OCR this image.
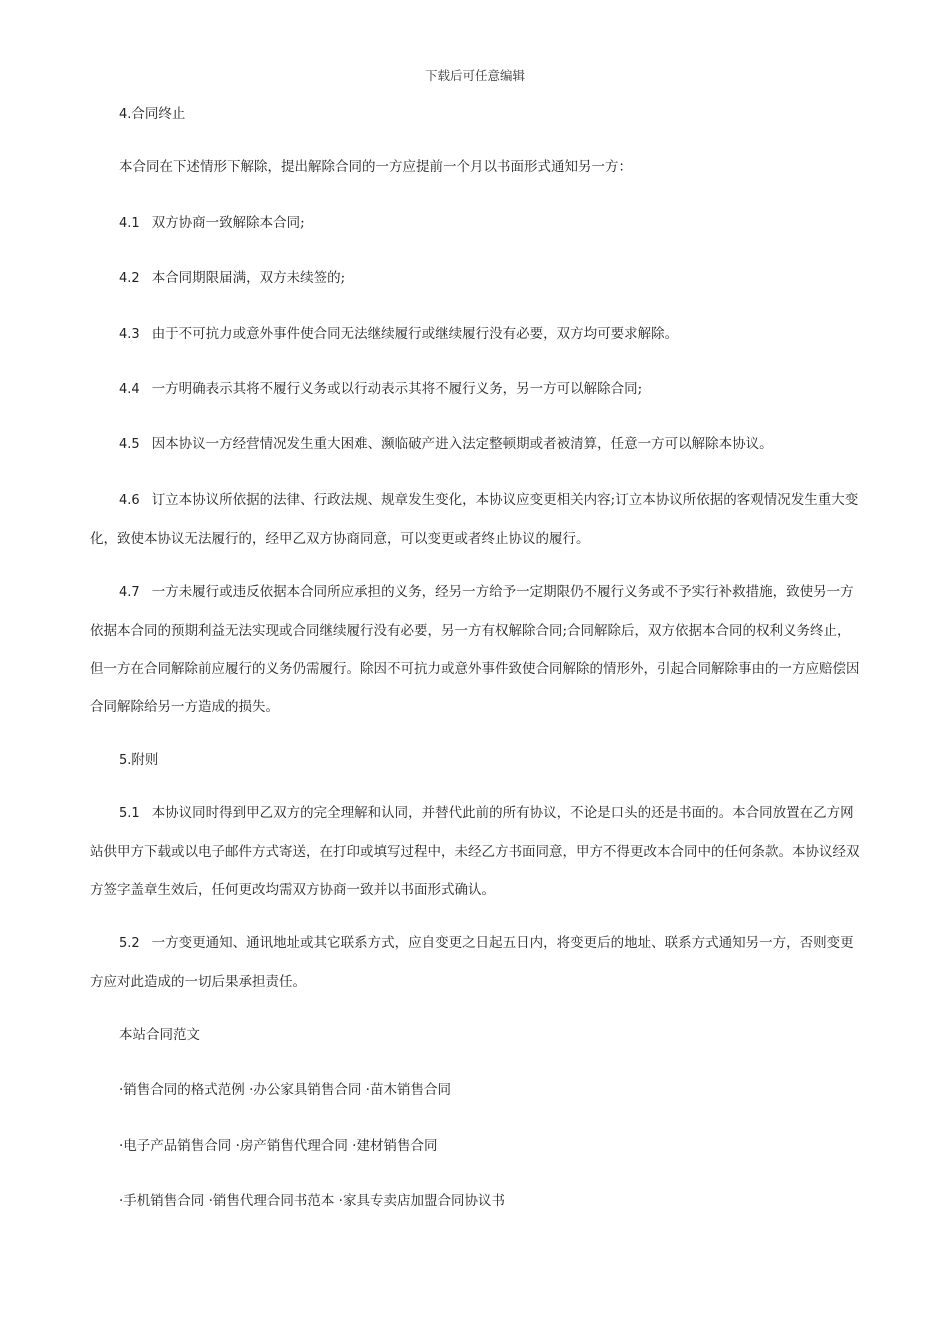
下载后可任意编辑
4.合同终止

本合同在下述情形下解除，提出解除合同的一方应提前一个月以书面形式通知另一方：

4.1 双方协商一致解除本合同;

4.2 本合同期限届满，双方未续签的;

4.3 由于不可抗力或意外事件使合同无法继续履行或继续履行没有必要，双方均可要求解除。

4.4 一方明确表示其将不履行义务或以行动表示其将不履行义务，另一方可以解除合同;

4.5 因本协议一方经营情况发生重大困难、濒临破产进入法定整顿期或者被清算，任意一方可以解除本协议。

4.6 订立本协议所依据的法律、行政法规、规章发生变化，本协议应变更相关内容;订立本协议所依据的客观情况发生重大变化，致使本协议无法履行的，经甲乙双方协商同意，可以变更或者终止协议的履行。

4.7 一方未履行或违反依据本合同所应承担的义务，经另一方给予一定期限仍不履行义务或不予实行补救措施，致使另一方依据本合同的预期利益无法实现或合同继续履行没有必要，另一方有权解除合同;合同解除后，双方依据本合同的权利义务终止，但一方在合同解除前应履行的义务仍需履行。除因不可抗力或意外事件致使合同解除的情形外，引起合同解除事由的一方应赔偿因合同解除给另一方造成的损失。

5.附则

5.1 本协议同时得到甲乙双方的完全理解和认同，并替代此前的所有协议，不论是口头的还是书面的。本合同放置在乙方网站供甲方下载或以电子邮件方式寄送，在打印或填写过程中，未经乙方书面同意，甲方不得更改本合同中的任何条款。本协议经双方签字盖章生效后，任何更改均需双方协商一致并以书面形式确认。

5.2 一方变更通知、通讯地址或其它联系方式，应自变更之日起五日内，将变更后的地址、联系方式通知另一方，否则变更方应对此造成的一切后果承担责任。

本站合同范文

·销售合同的格式范例 ·办公家具销售合同 ·苗木销售合同

·电子产品销售合同 ·房产销售代理合同 ·建材销售合同

·手机销售合同 ·销售代理合同书范本 ·家具专卖店加盟合同协议书
